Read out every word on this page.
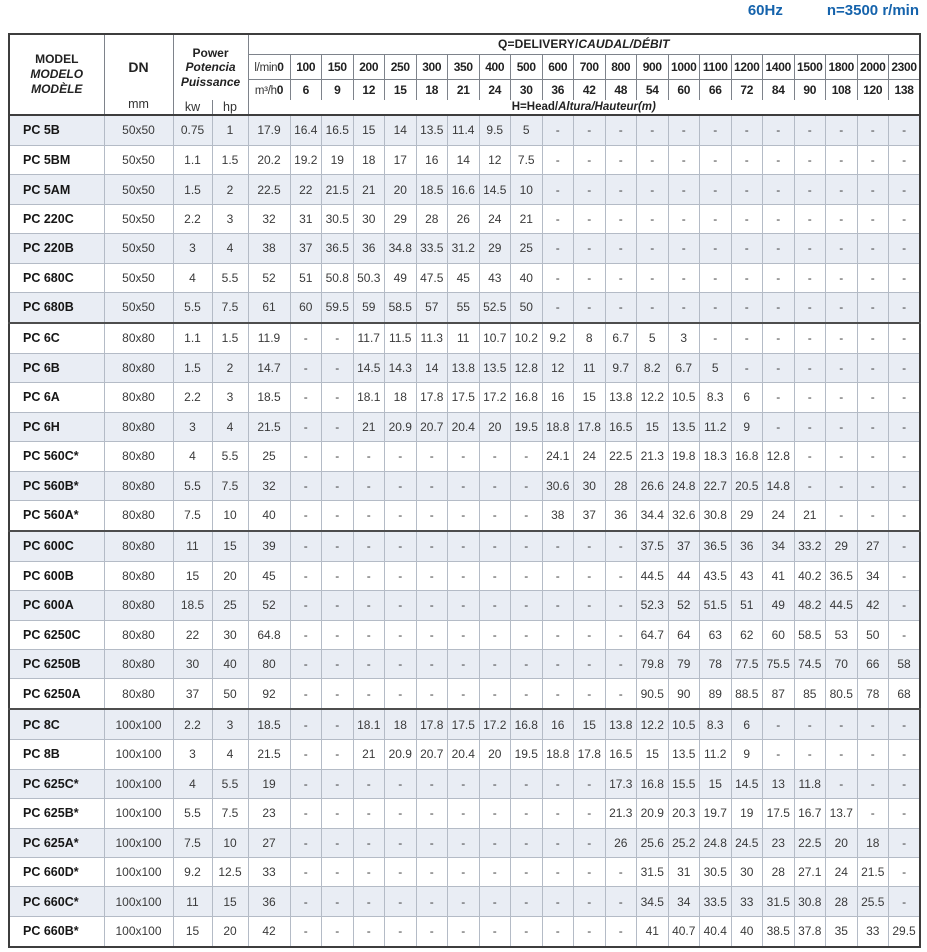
60Hz	n=3500 r/min
MODEL
MODELO
MODÈLE

DN
mm

Power
Potencia
Puissance
	Q=DELIVERY/CAUDAL/DÉBIT
				l/min0	100	150	200	250	300	350	400	500	600	700	800	900	1000	1100	1200	1400	1500	1800	2000	2300
				m³/h0	6	9	12	15	18	21	24	30	36	42	48	54	60	66	72	84	90	108	120	138
		kw	hp	H=Head/Altura/Hauteur(m)																				
PC 5B	50x50	0.75	1	17.9	16.4	16.5	15	14	13.5	11.4	9.5	5	-	-	-	-	-	-	-	-	-	-	-	-
PC 5BM	50x50	1.1	1.5	20.2	19.2	19	18	17	16	14	12	7.5	-	-	-	-	-	-	-	-	-	-	-	-
PC 5AM	50x50	1.5	2	22.5	22	21.5	21	20	18.5	16.6	14.5	10	-	-	-	-	-	-	-	-	-	-	-	-
PC 220C	50x50	2.2	3	32	31	30.5	30	29	28	26	24	21	-	-	-	-	-	-	-	-	-	-	-	-
PC 220B	50x50	3	4	38	37	36.5	36	34.8	33.5	31.2	29	25	-	-	-	-	-	-	-	-	-	-	-	-
PC 680C	50x50	4	5.5	52	51	50.8	50.3	49	47.5	45	43	40	-	-	-	-	-	-	-	-	-	-	-	-
PC 680B	50x50	5.5	7.5	61	60	59.5	59	58.5	57	55	52.5	50	-	-	-	-	-	-	-	-	-	-	-	-
PC 6C	80x80	1.1	1.5	11.9	-	-	11.7	11.5	11.3	11	10.7	10.2	9.2	8	6.7	5	3	-	-	-	-	-	-	-
PC 6B	80x80	1.5	2	14.7	-	-	14.5	14.3	14	13.8	13.5	12.8	12	11	9.7	8.2	6.7	5	-	-	-	-	-	-
PC 6A	80x80	2.2	3	18.5	-	-	18.1	18	17.8	17.5	17.2	16.8	16	15	13.8	12.2	10.5	8.3	6	-	-	-	-	-
PC 6H	80x80	3	4	21.5	-	-	21	20.9	20.7	20.4	20	19.5	18.8	17.8	16.5	15	13.5	11.2	9	-	-	-	-	-
PC 560C*	80x80	4	5.5	25	-	-	-	-	-	-	-	-	24.1	24	22.5	21.3	19.8	18.3	16.8	12.8	-	-	-	-
PC 560B*	80x80	5.5	7.5	32	-	-	-	-	-	-	-	-	30.6	30	28	26.6	24.8	22.7	20.5	14.8	-	-	-	-
PC 560A*	80x80	7.5	10	40	-	-	-	-	-	-	-	-	38	37	36	34.4	32.6	30.8	29	24	21	-	-	-
PC 600C	80x80	11	15	39	-	-	-	-	-	-	-	-	-	-	-	37.5	37	36.5	36	34	33.2	29	27	-
PC 600B	80x80	15	20	45	-	-	-	-	-	-	-	-	-	-	-	44.5	44	43.5	43	41	40.2	36.5	34	-
PC 600A	80x80	18.5	25	52	-	-	-	-	-	-	-	-	-	-	-	52.3	52	51.5	51	49	48.2	44.5	42	-
PC 6250C	80x80	22	30	64.8	-	-	-	-	-	-	-	-	-	-	-	64.7	64	63	62	60	58.5	53	50	-
PC 6250B	80x80	30	40	80	-	-	-	-	-	-	-	-	-	-	-	79.8	79	78	77.5	75.5	74.5	70	66	58
PC 6250A	80x80	37	50	92	-	-	-	-	-	-	-	-	-	-	-	90.5	90	89	88.5	87	85	80.5	78	68
PC 8C	100x100	2.2	3	18.5	-	-	18.1	18	17.8	17.5	17.2	16.8	16	15	13.8	12.2	10.5	8.3	6	-	-	-	-	-
PC 8B	100x100	3	4	21.5	-	-	21	20.9	20.7	20.4	20	19.5	18.8	17.8	16.5	15	13.5	11.2	9	-	-	-	-	-
PC 625C*	100x100	4	5.5	19	-	-	-	-	-	-	-	-	-	-	17.3	16.8	15.5	15	14.5	13	11.8	-	-	-
PC 625B*	100x100	5.5	7.5	23	-	-	-	-	-	-	-	-	-	-	21.3	20.9	20.3	19.7	19	17.5	16.7	13.7	-	-
PC 625A*	100x100	7.5	10	27	-	-	-	-	-	-	-	-	-	-	26	25.6	25.2	24.8	24.5	23	22.5	20	18	-
PC 660D*	100x100	9.2	12.5	33	-	-	-	-	-	-	-	-	-	-	-	31.5	31	30.5	30	28	27.1	24	21.5	-
PC 660C*	100x100	11	15	36	-	-	-	-	-	-	-	-	-	-	-	34.5	34	33.5	33	31.5	30.8	28	25.5	-
PC 660B*	100x100	15	20	42	-	-	-	-	-	-	-	-	-	-	-	41	40.7	40.4	40	38.5	37.8	35	33	29.5
